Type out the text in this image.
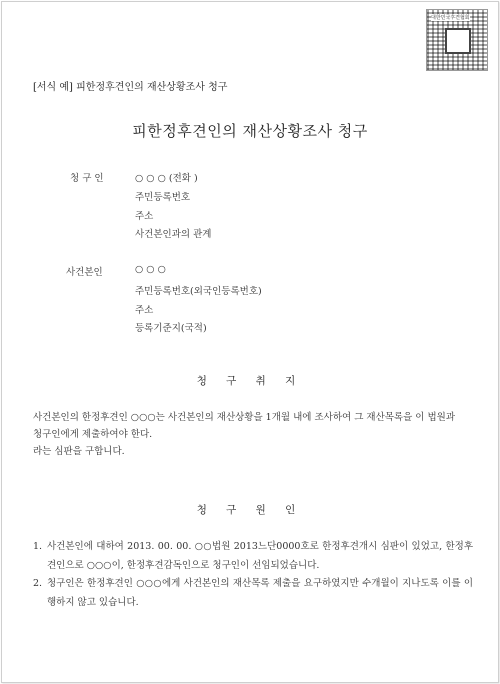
대한민국후견협회
[서식 예] 피한정후견인의 재산상황조사 청구
피한정후견인의 재산상황조사 청구
청 구 인	○ ○ ○ (전화 )
주민등록번호
주소
사건본인과의 관계
사건본인	○ ○ ○
주민등록번호(외국인등록번호)
주소
등록기준지(국적)
청 구 취 지
사건본인의 한정후견인 ○○○는 사건본인의 재산상황을 1개월 내에 조사하여 그 재산목록을 이 법원과 청구인에게 제출하여야 한다.
라는 심판을 구합니다.
청 구 원 인
1. 사건본인에 대하여 2013. 00. 00. ○○법원 2013느단0000호로 한정후견개시 심판이 있었고, 한정후견인으로 ○○○이, 한정후견감독인으로 청구인이 선임되었습니다.
2. 청구인은 한정후견인 ○○○에게 사건본인의 재산목록 제출을 요구하였지만 수개월이 지나도록 이를 이행하지 않고 있습니다.
